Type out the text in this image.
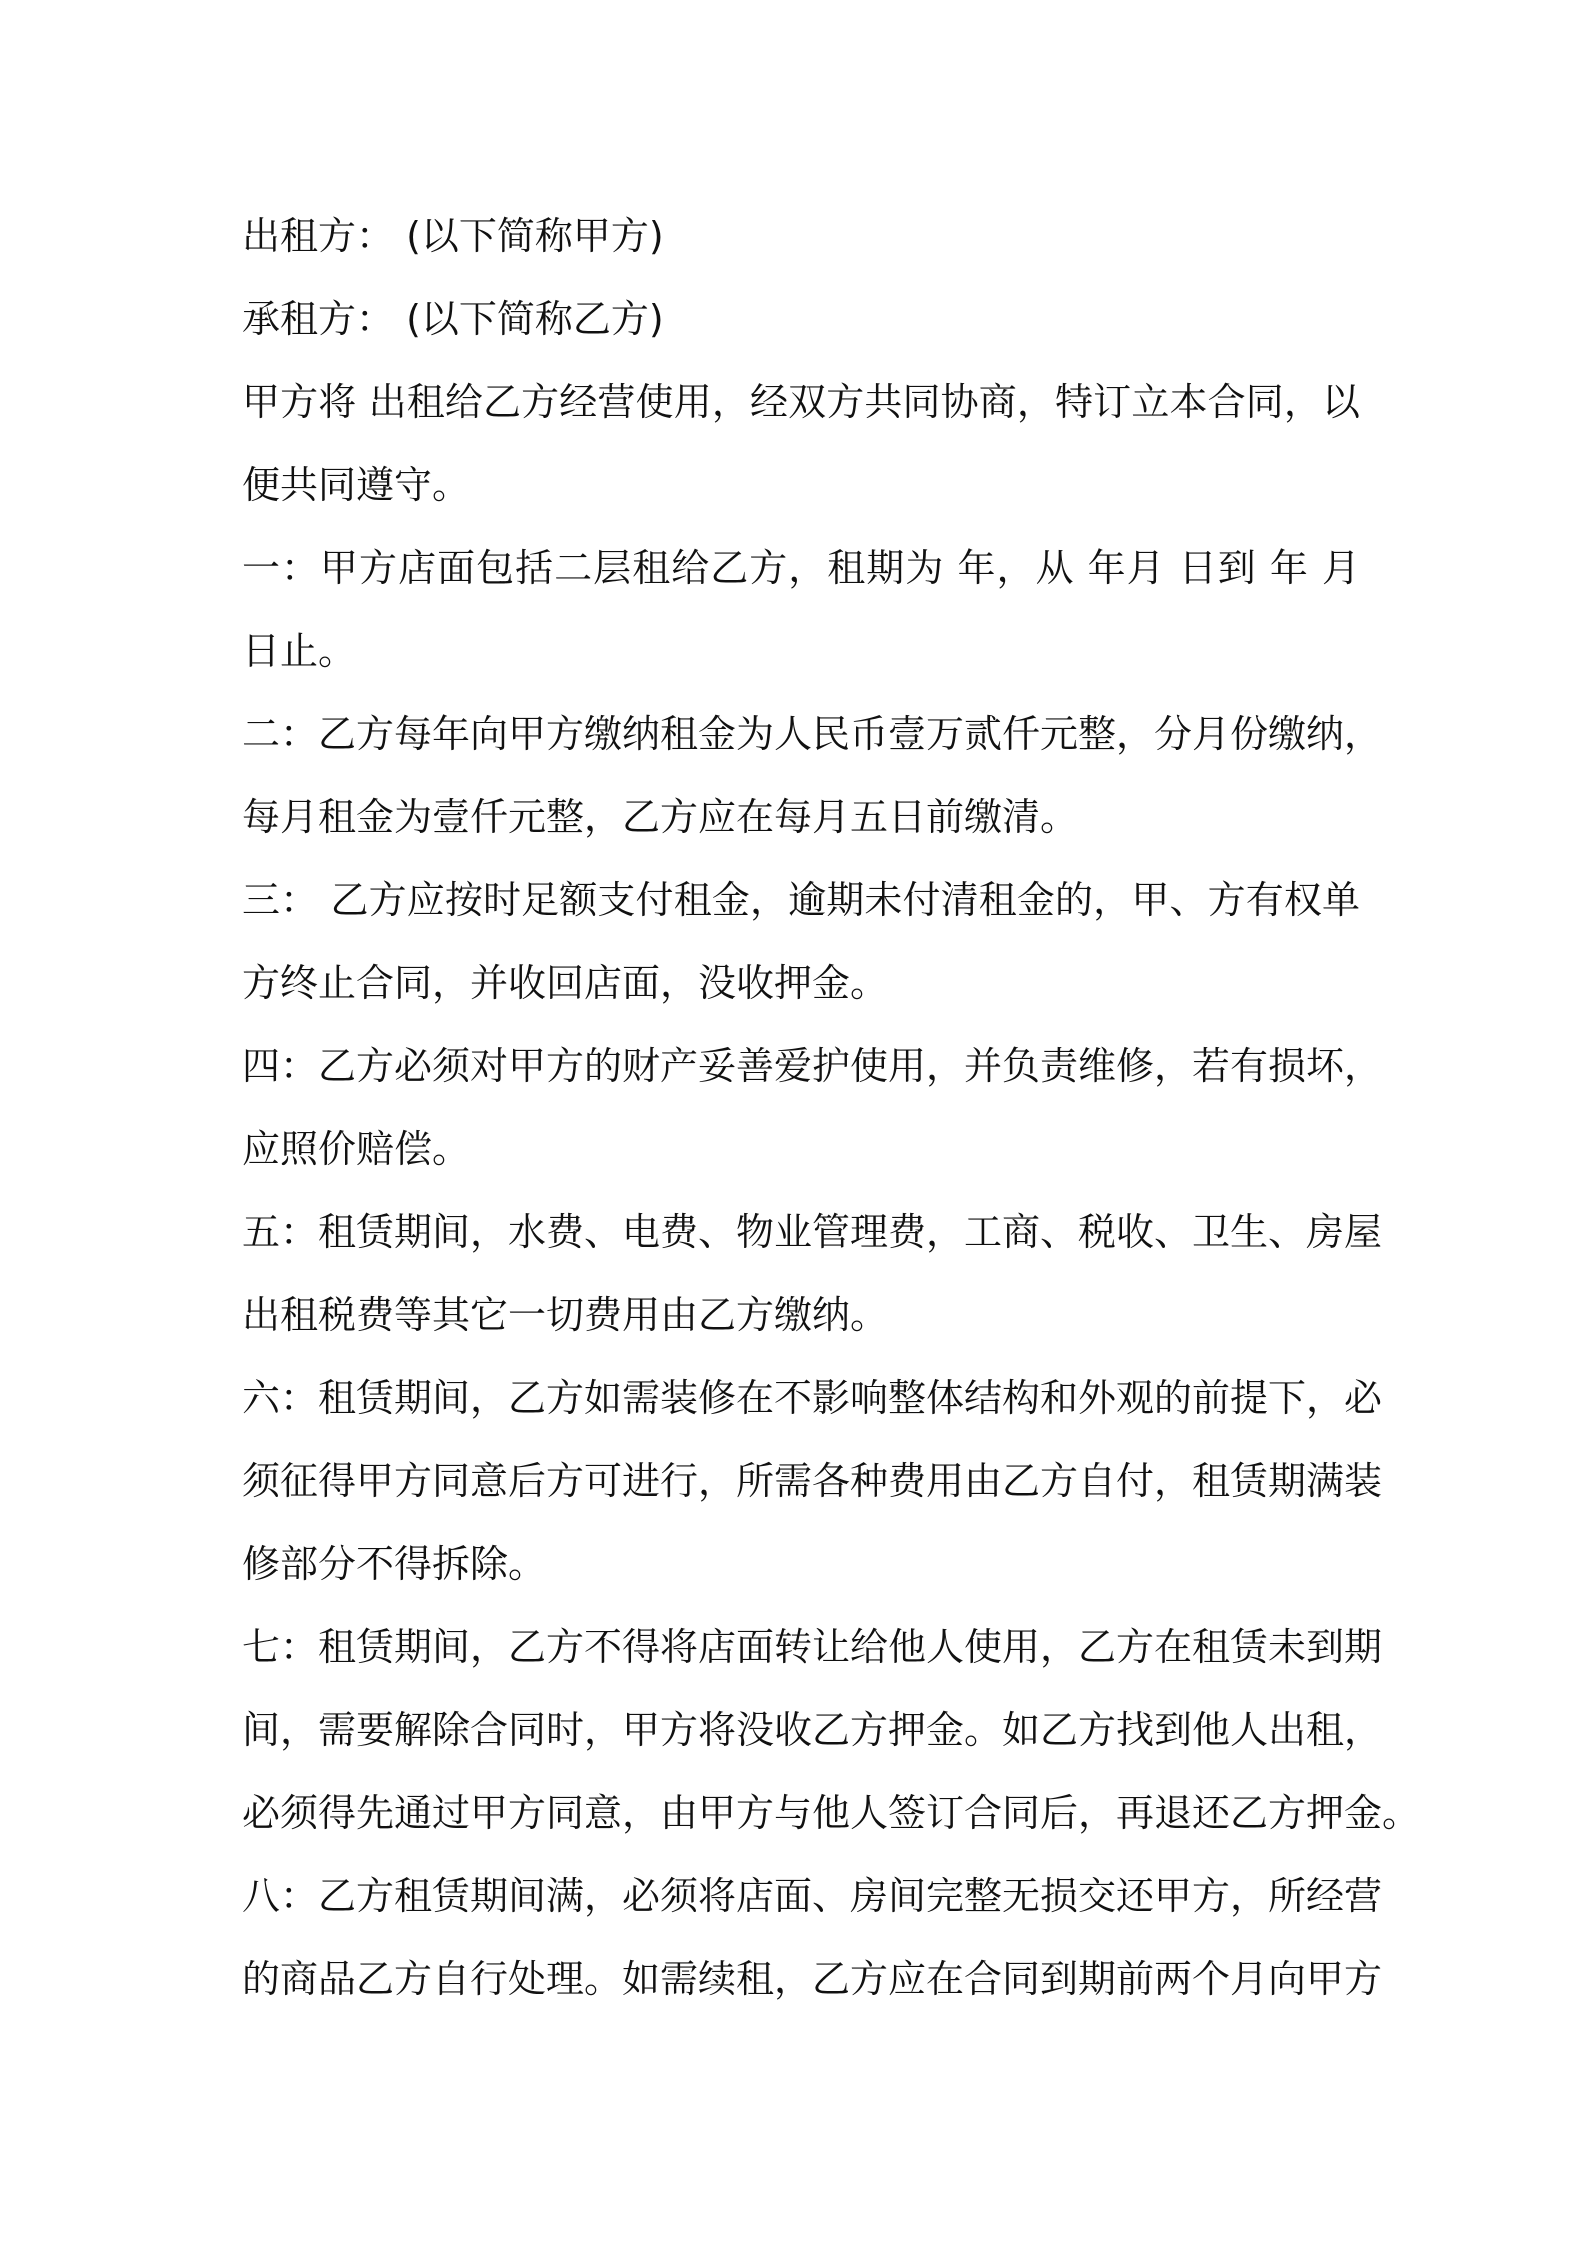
出租方： (以下简称甲方)
承租方： (以下简称乙方)
甲方将 出租给乙方经营使用，经双方共同协商，特订立本合同，以
便共同遵守。
一：甲方店面包括二层租给乙方，租期为 年，从 年月 日到 年 月
日止。
二：乙方每年向甲方缴纳租金为人民币壹万贰仟元整，分月份缴纳，
每月租金为壹仟元整，乙方应在每月五日前缴清。
三： 乙方应按时足额支付租金，逾期未付清租金的，甲、方有权单
方终止合同，并收回店面，没收押金。
四：乙方必须对甲方的财产妥善爱护使用，并负责维修，若有损坏，
应照价赔偿。
五：租赁期间，水费、电费、物业管理费，工商、税收、卫生、房屋
出租税费等其它一切费用由乙方缴纳。
六：租赁期间，乙方如需装修在不影响整体结构和外观的前提下，必
须征得甲方同意后方可进行，所需各种费用由乙方自付，租赁期满装
修部分不得拆除。
七：租赁期间，乙方不得将店面转让给他人使用，乙方在租赁未到期
间，需要解除合同时，甲方将没收乙方押金。如乙方找到他人出租，
必须得先通过甲方同意，由甲方与他人签订合同后，再退还乙方押金。
八：乙方租赁期间满，必须将店面、房间完整无损交还甲方，所经营
的商品乙方自行处理。如需续租，乙方应在合同到期前两个月向甲方
